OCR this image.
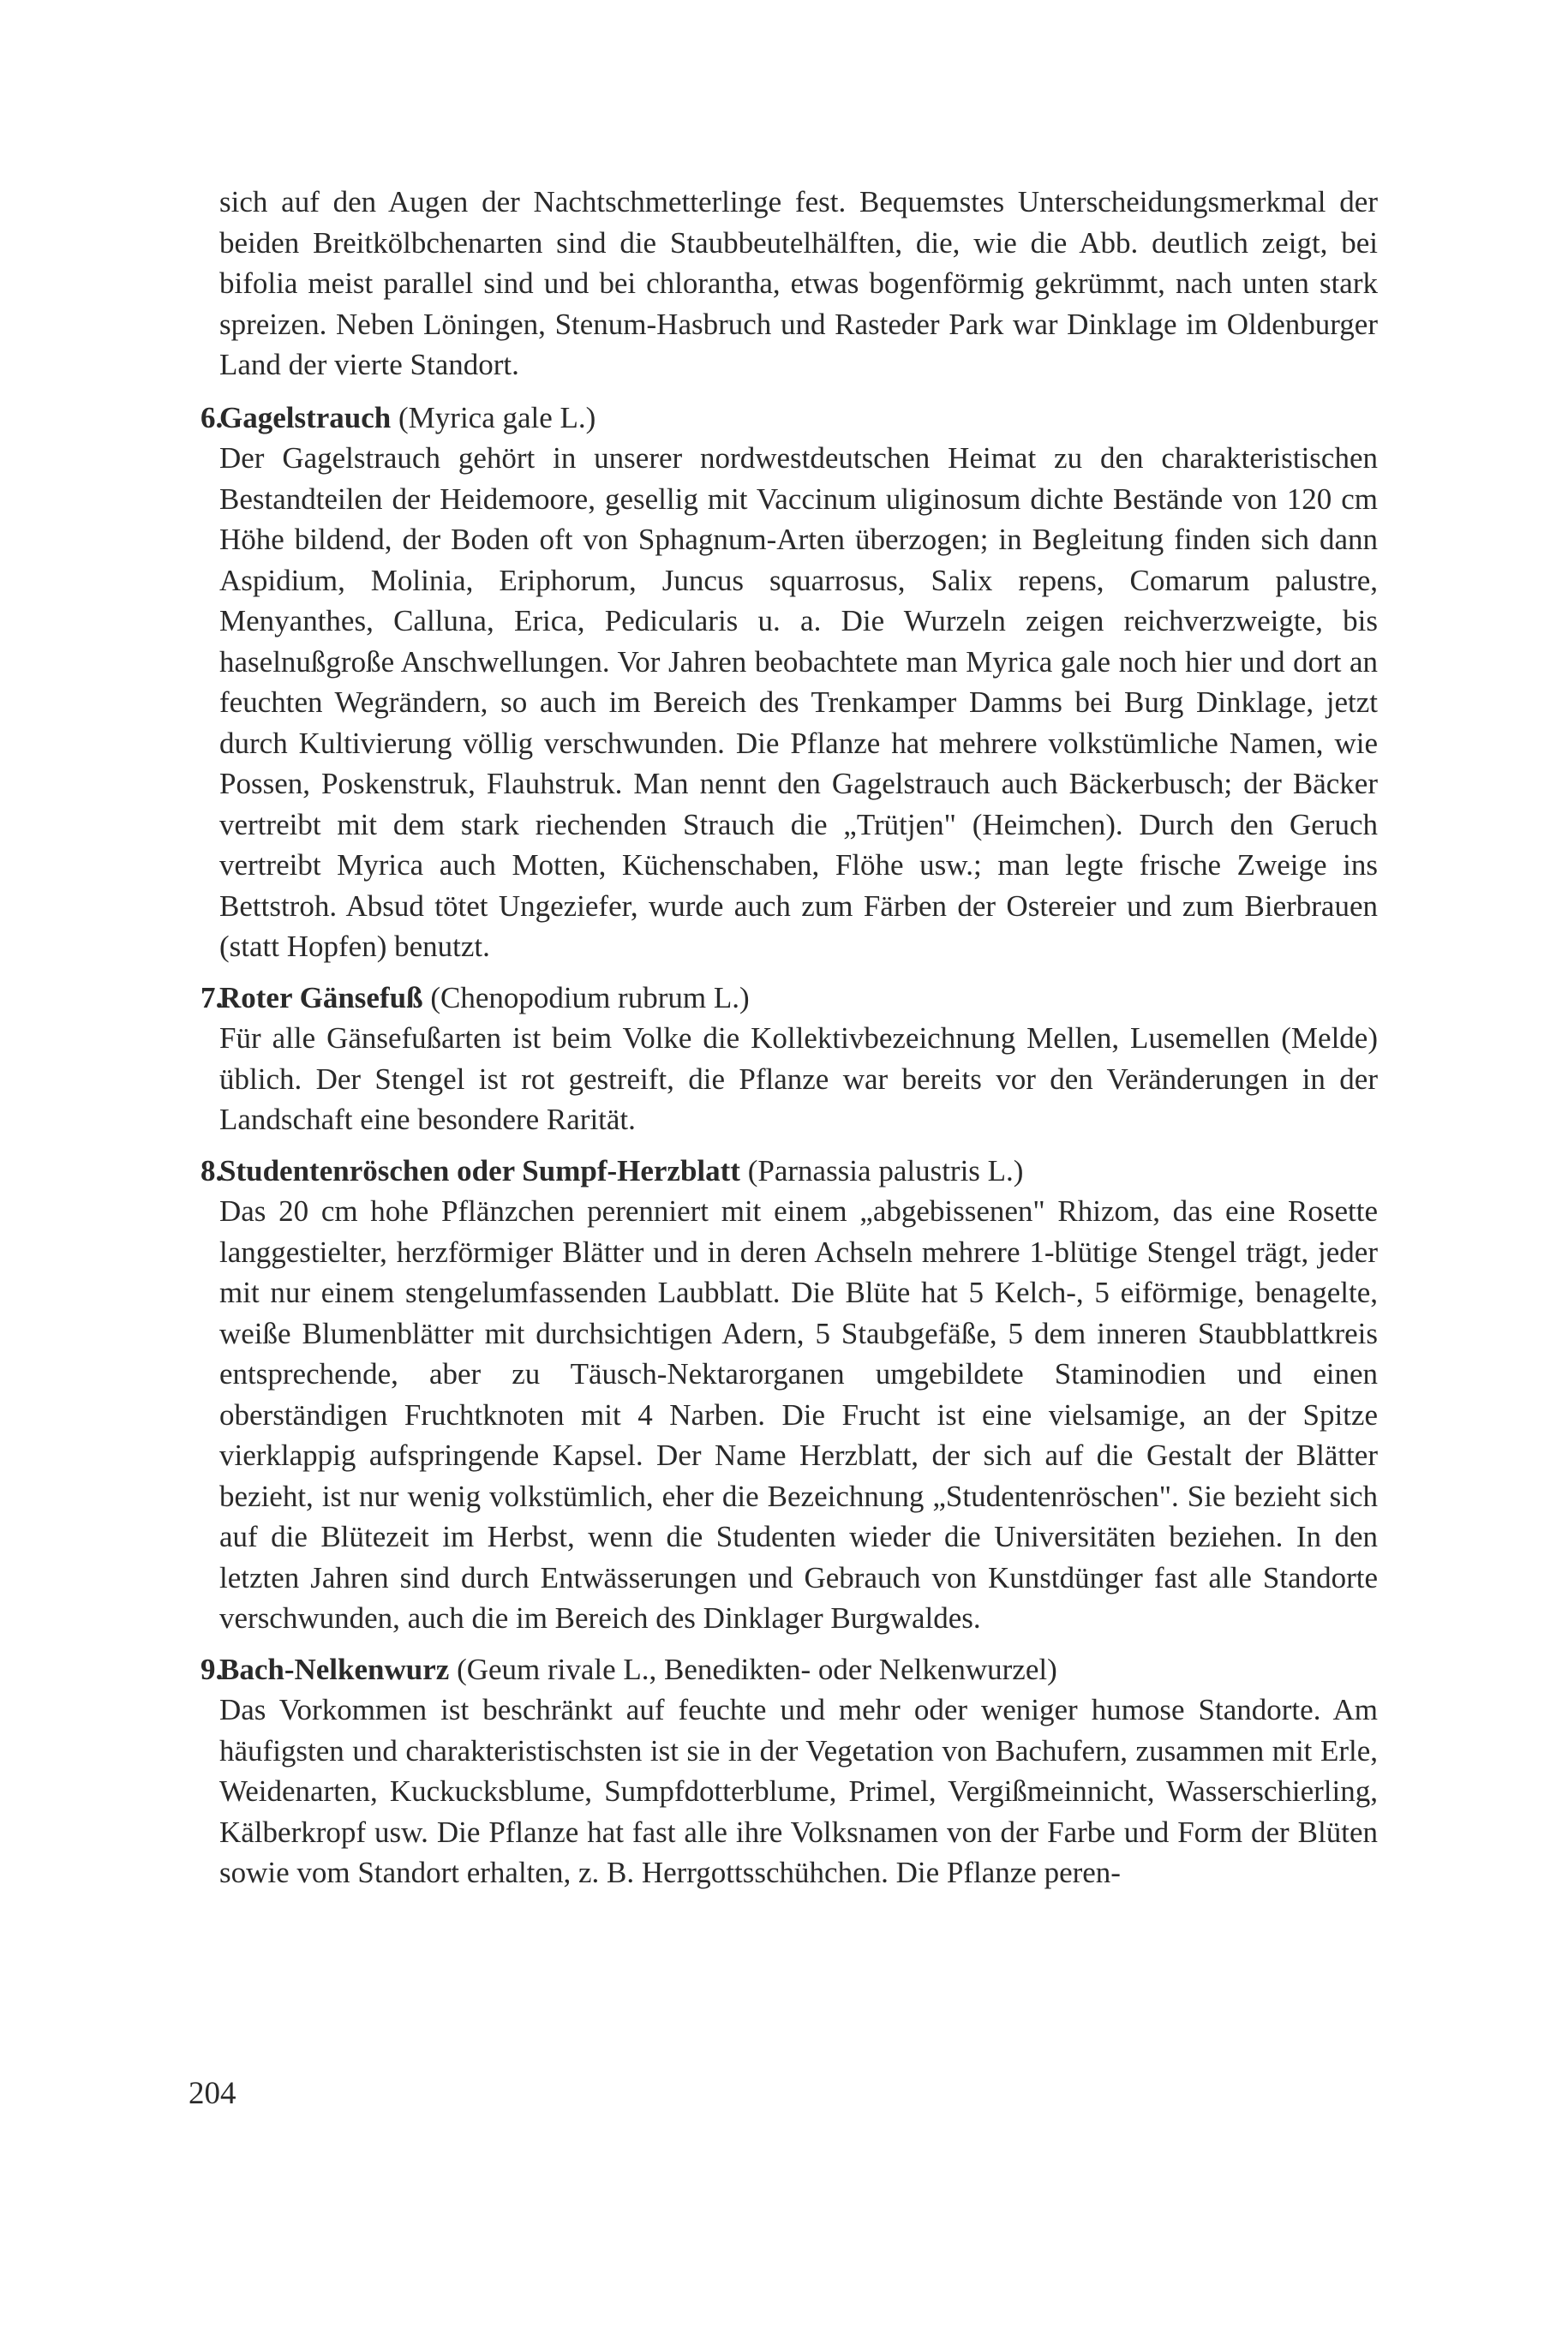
sich auf den Augen der Nachtschmetterlinge fest. Bequemstes Unterscheidungsmerkmal der beiden Breitkölbchenarten sind die Staubbeutelhälften, die, wie die Abb. deutlich zeigt, bei bifolia meist parallel sind und bei chlorantha, etwas bogenförmig gekrümmt, nach unten stark spreizen. Neben Löningen, Stenum-Hasbruch und Rasteder Park war Dinklage im Oldenburger Land der vierte Standort.

6.
Gagelstrauch (Myrica gale L.)

Der Gagelstrauch gehört in unserer nordwestdeutschen Heimat zu den charakteristischen Bestandteilen der Heidemoore, gesellig mit Vaccinum uliginosum dichte Bestände von 120 cm Höhe bildend, der Boden oft von Sphagnum-Arten überzogen; in Begleitung finden sich dann Aspidium, Molinia, Eriphorum, Juncus squarrosus, Salix repens, Comarum palustre, Menyanthes, Calluna, Erica, Pedicularis u. a. Die Wurzeln zeigen reichverzweigte, bis haselnußgroße Anschwellungen. Vor Jahren beobachtete man Myrica gale noch hier und dort an feuchten Wegrändern, so auch im Bereich des Trenkamper Damms bei Burg Dinklage, jetzt durch Kultivierung völlig verschwunden. Die Pflanze hat mehrere volkstümliche Namen, wie Possen, Poskenstruk, Flauhstruk. Man nennt den Gagelstrauch auch Bäckerbusch; der Bäcker vertreibt mit dem stark riechenden Strauch die „Trütjen" (Heimchen). Durch den Geruch vertreibt Myrica auch Motten, Küchenschaben, Flöhe usw.; man legte frische Zweige ins Bettstroh. Absud tötet Ungeziefer, wurde auch zum Färben der Ostereier und zum Bierbrauen (statt Hopfen) benutzt.

7.
Roter Gänsefuß (Chenopodium rubrum L.)

Für alle Gänsefußarten ist beim Volke die Kollektivbezeichnung Mellen, Lusemellen (Melde) üblich. Der Stengel ist rot gestreift, die Pflanze war bereits vor den Veränderungen in der Landschaft eine besondere Rarität.

8.
Studentenröschen oder Sumpf-Herzblatt (Parnassia palustris L.)

Das 20 cm hohe Pflänzchen perenniert mit einem „abgebissenen" Rhizom, das eine Rosette langgestielter, herzförmiger Blätter und in deren Achseln mehrere 1-blütige Stengel trägt, jeder mit nur einem stengelumfassenden Laubblatt. Die Blüte hat 5 Kelch-, 5 eiförmige, benagelte, weiße Blumenblätter mit durchsichtigen Adern, 5 Staubgefäße, 5 dem inneren Staubblattkreis entsprechende, aber zu Täusch-Nektarorganen umgebildete Staminodien und einen oberständigen Fruchtknoten mit 4 Narben. Die Frucht ist eine vielsamige, an der Spitze vierklappig aufspringende Kapsel. Der Name Herzblatt, der sich auf die Gestalt der Blätter bezieht, ist nur wenig volkstümlich, eher die Bezeichnung „Studentenröschen". Sie bezieht sich auf die Blütezeit im Herbst, wenn die Studenten wieder die Universitäten beziehen. In den letzten Jahren sind durch Entwässerungen und Gebrauch von Kunstdünger fast alle Standorte verschwunden, auch die im Bereich des Dinklager Burgwaldes.

9.
Bach-Nelkenwurz (Geum rivale L., Benedikten- oder Nelkenwurzel)

Das Vorkommen ist beschränkt auf feuchte und mehr oder weniger humose Standorte. Am häufigsten und charakteristischsten ist sie in der Vegetation von Bachufern, zusammen mit Erle, Weidenarten, Kuckucksblume, Sumpfdotterblume, Primel, Vergißmeinnicht, Wasserschierling, Kälberkropf usw. Die Pflanze hat fast alle ihre Volksnamen von der Farbe und Form der Blüten sowie vom Standort erhalten, z. B. Herrgottsschühchen. Die Pflanze peren-

204
